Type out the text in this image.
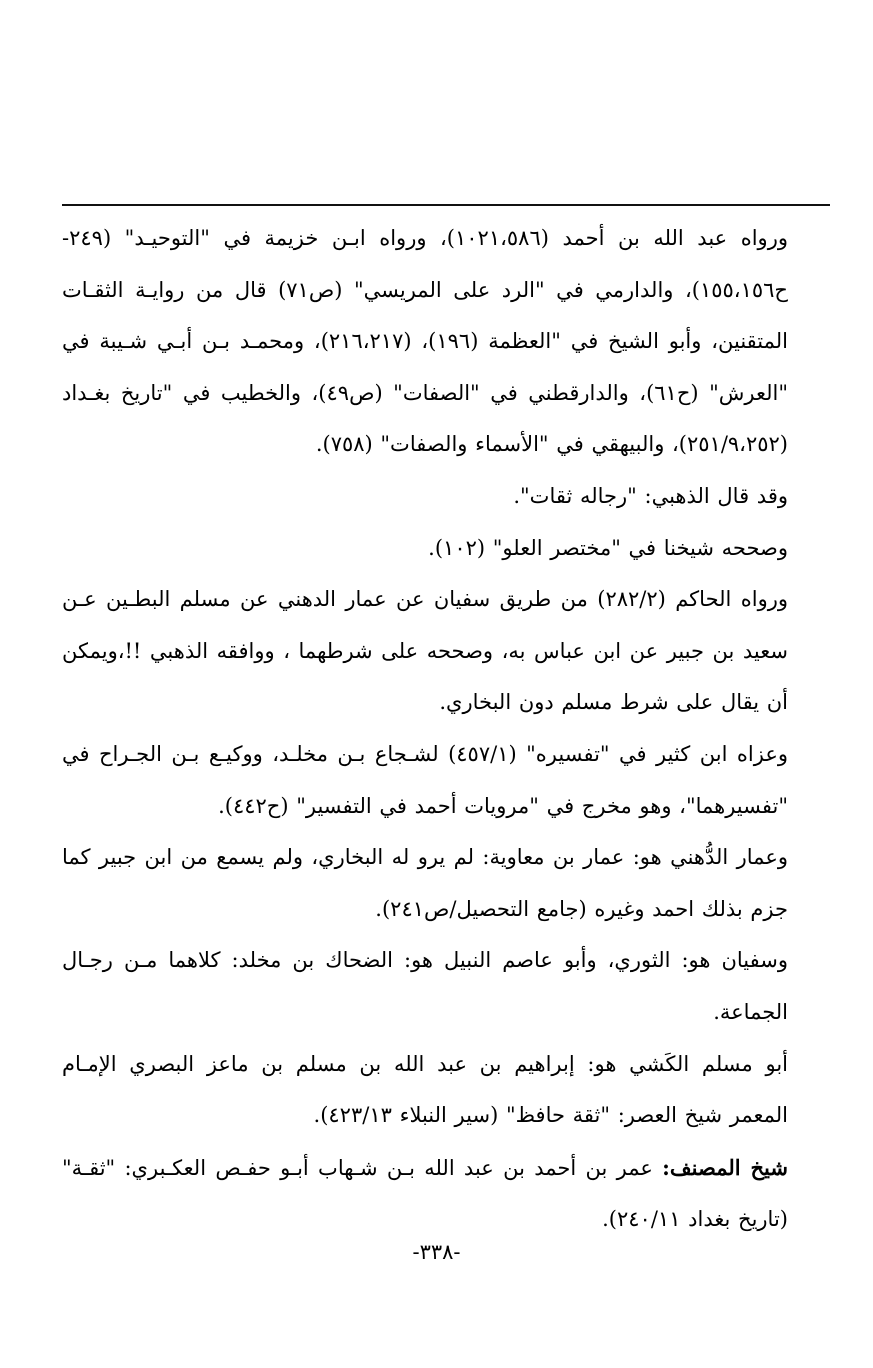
ورواه عبد الله بن أحمد (١٠٢١،٥٨٦)، ورواه ابـن خزيمة في "التوحيـد" (٢٤٩-ح١٥٥،١٥٦)، والدارمي في "الرد على المريسي" (ص٧١) قال من روايـة الثقـات المتقنين، وأبو الشيخ في "العظمة (١٩٦)، (٢١٦،٢١٧)، ومحمـد بـن أبـي شـيبة في "العرش" (ح٦١)، والدارقطني في "الصفات" (ص٤٩)، والخطيب في "تاريخ بغـداد (٢٥١/٩،٢٥٢)، والبيهقي في "الأسماء والصفات" (٧٥٨).

وقد قال الذهبي: "رجاله ثقات".

وصححه شيخنا في "مختصر العلو" (١٠٢).

ورواه الحاكم (٢٨٢/٢) من طريق سفيان عن عمار الدهني عن مسلم البطـين عـن سعيد بن جبير عن ابن عباس به، وصححه على شرطهما ، ووافقه الذهبي !!،ويمكن أن يقال على شرط مسلم دون البخاري.

وعزاه ابن كثير في "تفسيره" (٤٥٧/١) لشـجاع بـن مخلـد، ووكيـع بـن الجـراح في "تفسيرهما"، وهو مخرج في "مرويات أحمد في التفسير" (ح٤٤٢).

وعمار الدُّهني هو: عمار بن معاوية: لم يرو له البخاري، ولم يسمع من ابن جبير كما جزم بذلك احمد وغيره (جامع التحصيل/ص٢٤١).

وسفيان هو: الثوري، وأبو عاصم النبيل هو: الضحاك بن مخلد: كلاهما مـن رجـال الجماعة.

أبو مسلم الكَشي هو: إبراهيم بن عبد الله بن مسلم بن ماعز البصري الإمـام المعمر شيخ العصر: "ثقة حافظ" (سير النبلاء ٤٢٣/١٣).

شيخ المصنف: عمر بن أحمد بن عبد الله بـن شـهاب أبـو حفـص العكـبري: "ثقـة" (تاريخ بغداد ٢٤٠/١١).

-٣٣٨-
